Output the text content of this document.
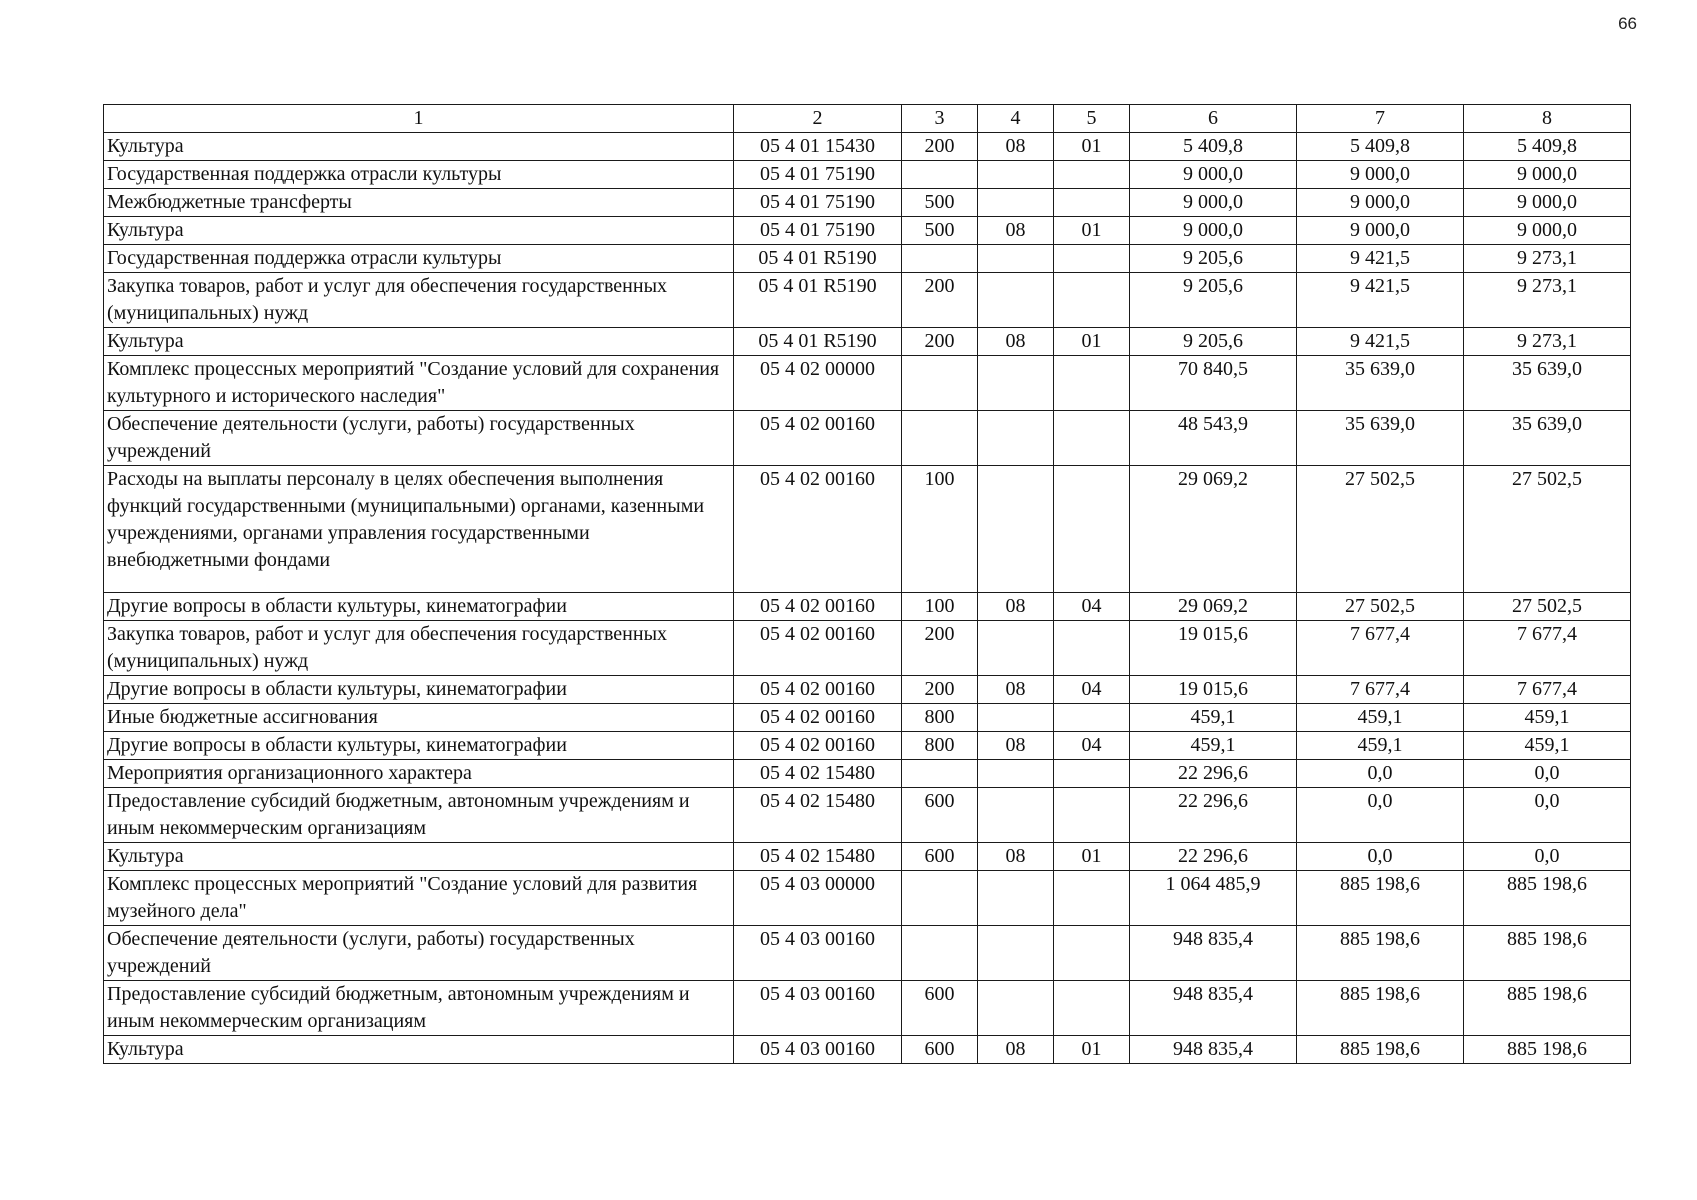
66
1	2	3	4	5	6	7	8
Культура	05 4 01 15430	200	08	01	5 409,8	5 409,8	5 409,8
Государственная поддержка отрасли культуры	05 4 01 75190				9 000,0	9 000,0	9 000,0
Межбюджетные трансферты	05 4 01 75190	500			9 000,0	9 000,0	9 000,0
Культура	05 4 01 75190	500	08	01	9 000,0	9 000,0	9 000,0
Государственная поддержка отрасли культуры	05 4 01 R5190				9 205,6	9 421,5	9 273,1
Закупка товаров, работ и услуг для обеспечения государственных (муниципальных) нужд	05 4 01 R5190	200			9 205,6	9 421,5	9 273,1
Культура	05 4 01 R5190	200	08	01	9 205,6	9 421,5	9 273,1
Комплекс процессных мероприятий "Создание условий для сохранения культурного и исторического наследия"	05 4 02 00000				70 840,5	35 639,0	35 639,0
Обеспечение деятельности (услуги, работы) государственных учреждений	05 4 02 00160				48 543,9	35 639,0	35 639,0
Расходы на выплаты персоналу в целях обеспечения выполнения функций государственными (муниципальными) органами, казенными учреждениями, органами управления государственными внебюджетными фондами	05 4 02 00160	100			29 069,2	27 502,5	27 502,5
Другие вопросы в области культуры, кинематографии	05 4 02 00160	100	08	04	29 069,2	27 502,5	27 502,5
Закупка товаров, работ и услуг для обеспечения государственных (муниципальных) нужд	05 4 02 00160	200			19 015,6	7 677,4	7 677,4
Другие вопросы в области культуры, кинематографии	05 4 02 00160	200	08	04	19 015,6	7 677,4	7 677,4
Иные бюджетные ассигнования	05 4 02 00160	800			459,1	459,1	459,1
Другие вопросы в области культуры, кинематографии	05 4 02 00160	800	08	04	459,1	459,1	459,1
Мероприятия организационного характера	05 4 02 15480				22 296,6	0,0	0,0
Предоставление субсидий бюджетным, автономным учреждениям и иным некоммерческим организациям	05 4 02 15480	600			22 296,6	0,0	0,0
Культура	05 4 02 15480	600	08	01	22 296,6	0,0	0,0
Комплекс процессных мероприятий "Создание условий для развития музейного дела"	05 4 03 00000				1 064 485,9	885 198,6	885 198,6
Обеспечение деятельности (услуги, работы) государственных учреждений	05 4 03 00160				948 835,4	885 198,6	885 198,6
Предоставление субсидий бюджетным, автономным учреждениям и иным некоммерческим организациям	05 4 03 00160	600			948 835,4	885 198,6	885 198,6
Культура	05 4 03 00160	600	08	01	948 835,4	885 198,6	885 198,6
